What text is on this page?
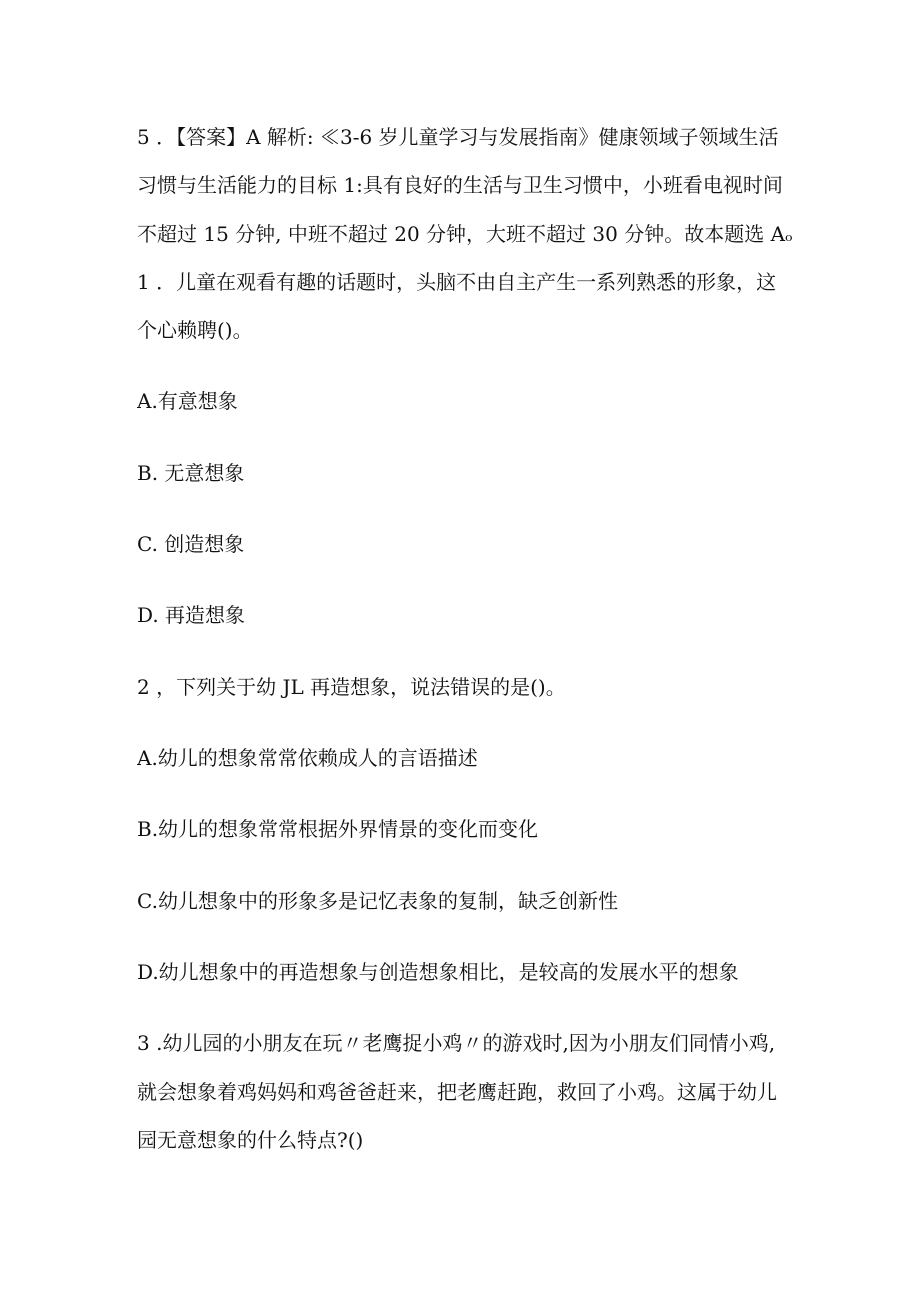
5 ．【答案】A 解析: ≪3-6 岁儿童学习与发展指南》健康领域子领域生活
习惯与生活能力的目标 1:具有良好的生活与卫生习惯中，小班看电视时间
不超过 15 分钟, 中班不超过 20 分钟，大班不超过 30 分钟。故本题选 Aₒ
1 ．儿童在观看有趣的话题时，头脑不由自主产生一系列熟悉的形象，这
个心赖聘()。
A.有意想象
B. 无意想象
C. 创造想象
D. 再造想象
2 ，下列关于幼 JL 再造想象，说法错误的是()。
A.幼儿的想象常常依赖成人的言语描述
B.幼儿的想象常常根据外界情景的变化而变化
C.幼儿想象中的形象多是记忆表象的复制，缺乏创新性
D.幼儿想象中的再造想象与创造想象相比，是较高的发展水平的想象
3 .幼儿园的小朋友在玩〃老鹰捉小鸡〃的游戏时,因为小朋友们同情小鸡,
就会想象着鸡妈妈和鸡爸爸赶来，把老鹰赶跑，救回了小鸡。这属于幼儿
园无意想象的什么特点?()
